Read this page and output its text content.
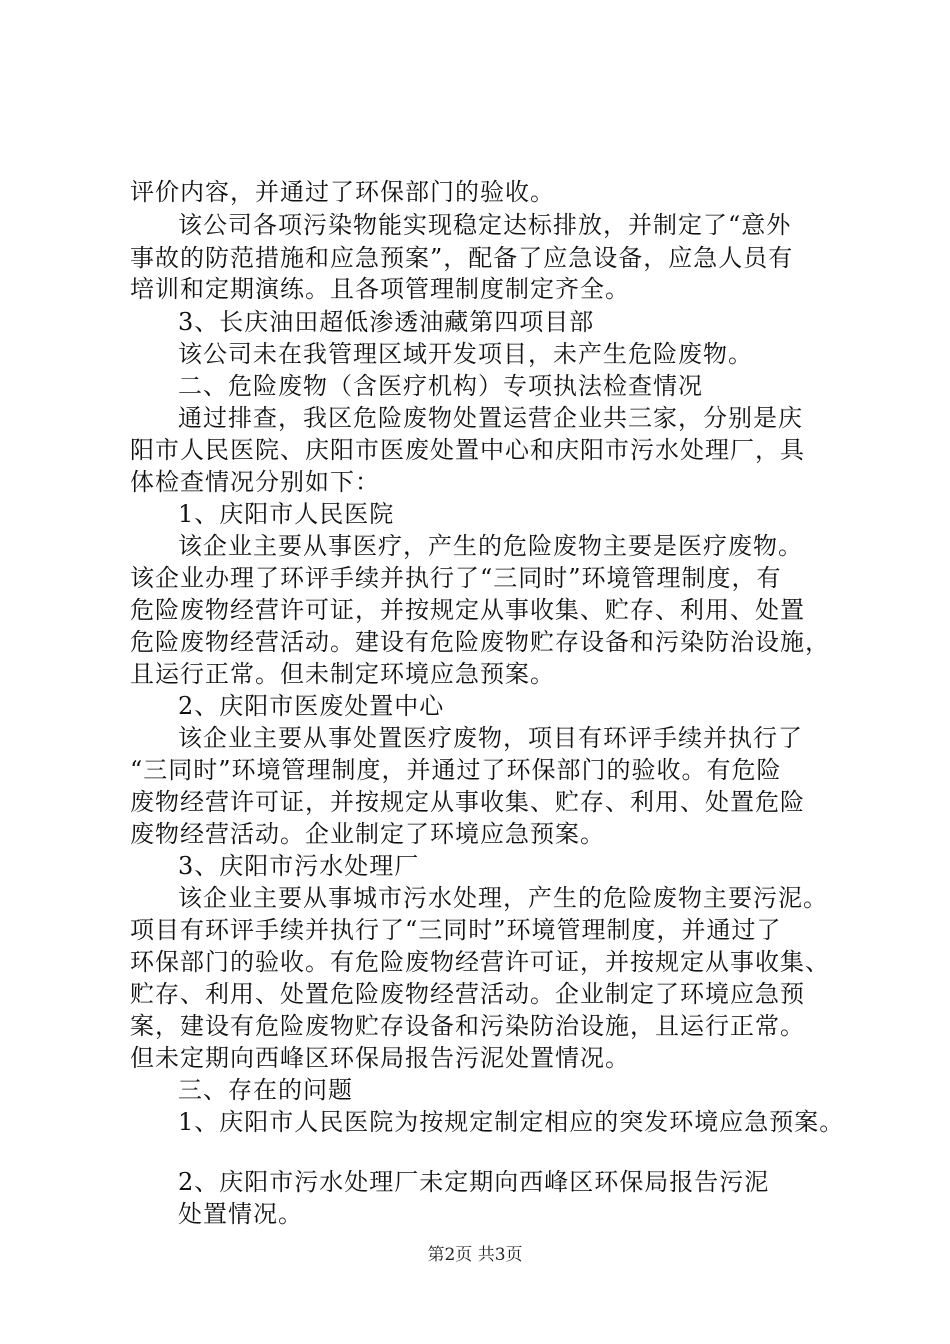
评价内容，并通过了环保部门的验收。

该公司各项污染物能实现稳定达标排放，并制定了“意外

事故的防范措施和应急预案”，配备了应急设备，应急人员有

培训和定期演练。且各项管理制度制定齐全。

3、长庆油田超低渗透油藏第四项目部

该公司未在我管理区域开发项目，未产生危险废物。

二、危险废物（含医疗机构）专项执法检查情况

通过排查，我区危险废物处置运营企业共三家，分别是庆

阳市人民医院、庆阳市医废处置中心和庆阳市污水处理厂，具

体检查情况分别如下：

1、庆阳市人民医院

该企业主要从事医疗，产生的危险废物主要是医疗废物。

该企业办理了环评手续并执行了“三同时”环境管理制度，有

危险废物经营许可证，并按规定从事收集、贮存、利用、处置

危险废物经营活动。建设有危险废物贮存设备和污染防治设施，

且运行正常。但未制定环境应急预案。

2、庆阳市医废处置中心

该企业主要从事处置医疗废物，项目有环评手续并执行了

“三同时”环境管理制度，并通过了环保部门的验收。有危险

废物经营许可证，并按规定从事收集、贮存、利用、处置危险

废物经营活动。企业制定了环境应急预案。

3、庆阳市污水处理厂

该企业主要从事城市污水处理，产生的危险废物主要污泥。

项目有环评手续并执行了“三同时”环境管理制度，并通过了

环保部门的验收。有危险废物经营许可证，并按规定从事收集、

贮存、利用、处置危险废物经营活动。企业制定了环境应急预

案，建设有危险废物贮存设备和污染防治设施，且运行正常。

但未定期向西峰区环保局报告污泥处置情况。

三、存在的问题

1、庆阳市人民医院为按规定制定相应的突发环境应急预案。

2、庆阳市污水处理厂未定期向西峰区环保局报告污泥

处置情况。

第2页 共3页
